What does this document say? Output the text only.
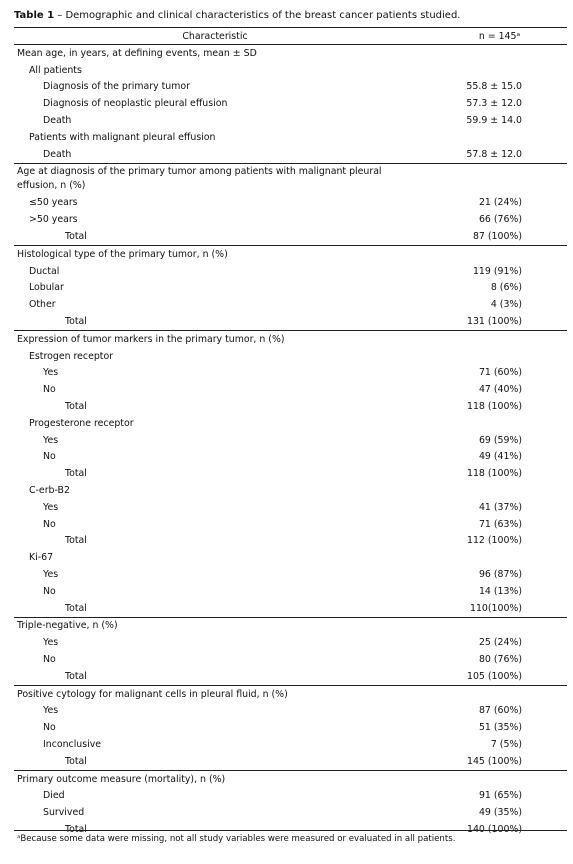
Table 1 – Demographic and clinical characteristics of the breast cancer patients studied.
Characteristic	n = 145ᵃ
Mean age, in years, at defining events, mean ± SD	
All patients	
Diagnosis of the primary tumor	55.8 ± 15.0
Diagnosis of neoplastic pleural effusion	57.3 ± 12.0
Death	59.9 ± 14.0
Patients with malignant pleural effusion	
Death	57.8 ± 12.0
Age at diagnosis of the primary tumor among patients with malignant pleural effusion, n (%)	
≤50 years	21 (24%)
>50 years	66 (76%)
Total	87 (100%)
Histological type of the primary tumor, n (%)	
Ductal	119 (91%)
Lobular	8 (6%)
Other	4 (3%)
Total	131 (100%)
Expression of tumor markers in the primary tumor, n (%)	
Estrogen receptor	
Yes	71 (60%)
No	47 (40%)
Total	118 (100%)
Progesterone receptor	
Yes	69 (59%)
No	49 (41%)
Total	118 (100%)
C-erb-B2	
Yes	41 (37%)
No	71 (63%)
Total	112 (100%)
Ki-67	
Yes	96 (87%)
No	14 (13%)
Total	110(100%)
Triple-negative, n (%)	
Yes	25 (24%)
No	80 (76%)
Total	105 (100%)
Positive cytology for malignant cells in pleural fluid, n (%)	
Yes	87 (60%)
No	51 (35%)
Inconclusive	7 (5%)
Total	145 (100%)
Primary outcome measure (mortality), n (%)	
Died	91 (65%)
Survived	49 (35%)
Total	140 (100%)
ᵃBecause some data were missing, not all study variables were measured or evaluated in all patients.
